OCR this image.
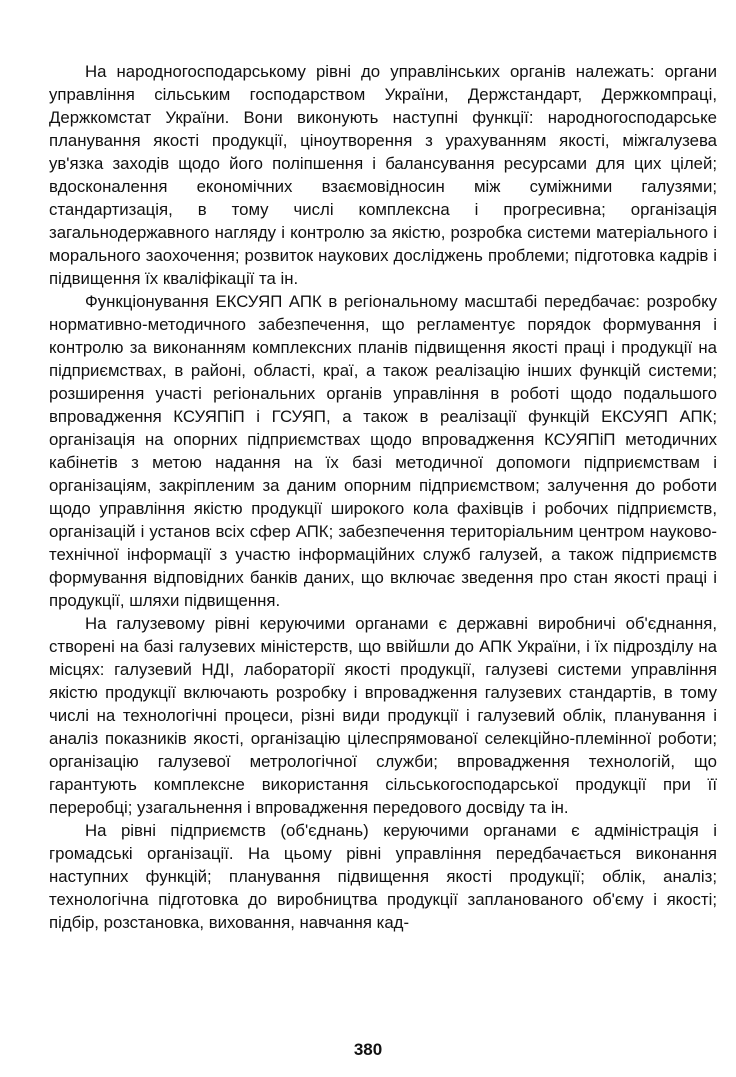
На народногосподарському рівні до управлінських органів належать: органи управління сільським господарством України, Держстандарт, Держкомпраці, Держкомстат України. Вони виконують наступні функції: народногосподарське планування якості продукції, ціноутворення з урахуванням якості, міжгалузева ув'язка заходів щодо його поліпшення і балансування ресурсами для цих цілей; вдосконалення економічних взаємовідносин між суміжними галузями; стандартизація, в тому числі комплексна і прогресивна; організація загальнодержавного нагляду і контролю за якістю, розробка системи матеріального і морального заохочення; розвиток наукових досліджень проблеми; підготовка кадрів і підвищення їх кваліфікації та ін.

Функціонування ЕКСУЯП АПК в регіональному масштабі передбачає: розробку нормативно-методичного забезпечення, що регламентує порядок формування і контролю за виконанням комплексних планів підвищення якості праці і продукції на підприємствах, в районі, області, краї, а також реалізацію інших функцій системи; розширення участі регіональних органів управління в роботі щодо подальшого впровадження КСУЯПіП і ГСУЯП, а також в реалізації функцій ЕКСУЯП АПК; організація на опорних підприємствах щодо впровадження КСУЯПіП методичних кабінетів з метою надання на їх базі методичної допомоги підприємствам і організаціям, закріпленим за даним опорним підприємством; залучення до роботи щодо управління якістю продукції широкого кола фахівців і робочих підприємств, організацій і установ всіх сфер АПК; забезпечення територіальним центром науково-технічної інформації з участю інформаційних служб галузей, а також підприємств формування відповідних банків даних, що включає зведення про стан якості праці і продукції, шляхи підвищення.

На галузевому рівні керуючими органами є державні виробничі об'єднання, створені на базі галузевих міністерств, що ввійшли до АПК України, і їх підрозділу на місцях: галузевий НДІ, лабораторії якості продукції, галузеві системи управління якістю продукції включають розробку і впровадження галузевих стандартів, в тому числі на технологічні процеси, різні види продукції і галузевий облік, планування і аналіз показників якості, організацію цілеспрямованої селекційно-племінної роботи; організацію галузевої метрологічної служби; впровадження технологій, що гарантують комплексне використання сільськогосподарської продукції при її переробці; узагальнення і впровадження передового досвіду та ін.

На рівні підприємств (об'єднань) керуючими органами є адміністрація і громадські організації. На цьому рівні управління передбачається виконання наступних функцій; планування підвищення якості продукції; облік, аналіз; технологічна підготовка до виробництва продукції запланованого об'єму і якості; підбір, розстановка, виховання, навчання кад-

380
